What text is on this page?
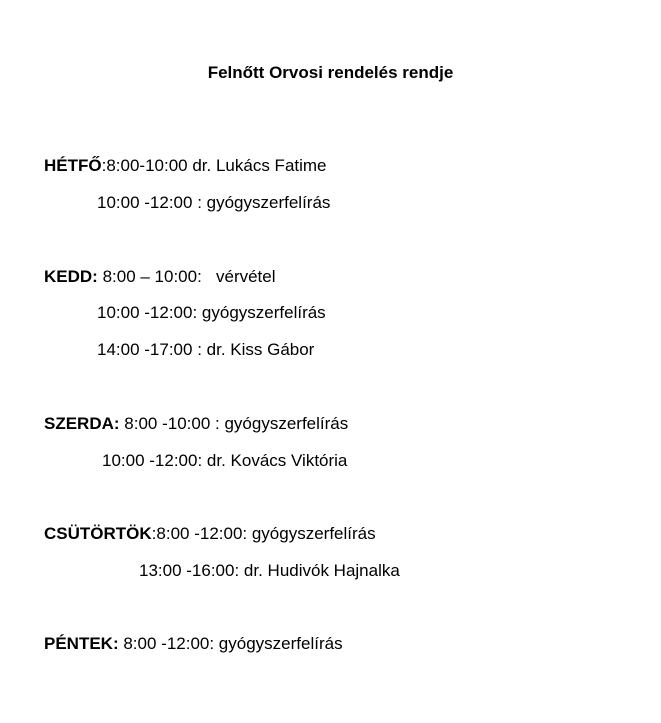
Felnőtt Orvosi rendelés rendje
HÉTFŐ:8:00-10:00 dr. Lukács Fatime
10:00 -12:00 : gyógyszerfelírás
KEDD: 8:00 – 10:00:   vérvétel
10:00 -12:00: gyógyszerfelírás
14:00 -17:00 : dr. Kiss Gábor
SZERDA: 8:00 -10:00 : gyógyszerfelírás
10:00 -12:00: dr. Kovács Viktória
CSÜTÖRTÖK:8:00 -12:00: gyógyszerfelírás
13:00 -16:00: dr. Hudivók Hajnalka
PÉNTEK: 8:00 -12:00: gyógyszerfelírás
